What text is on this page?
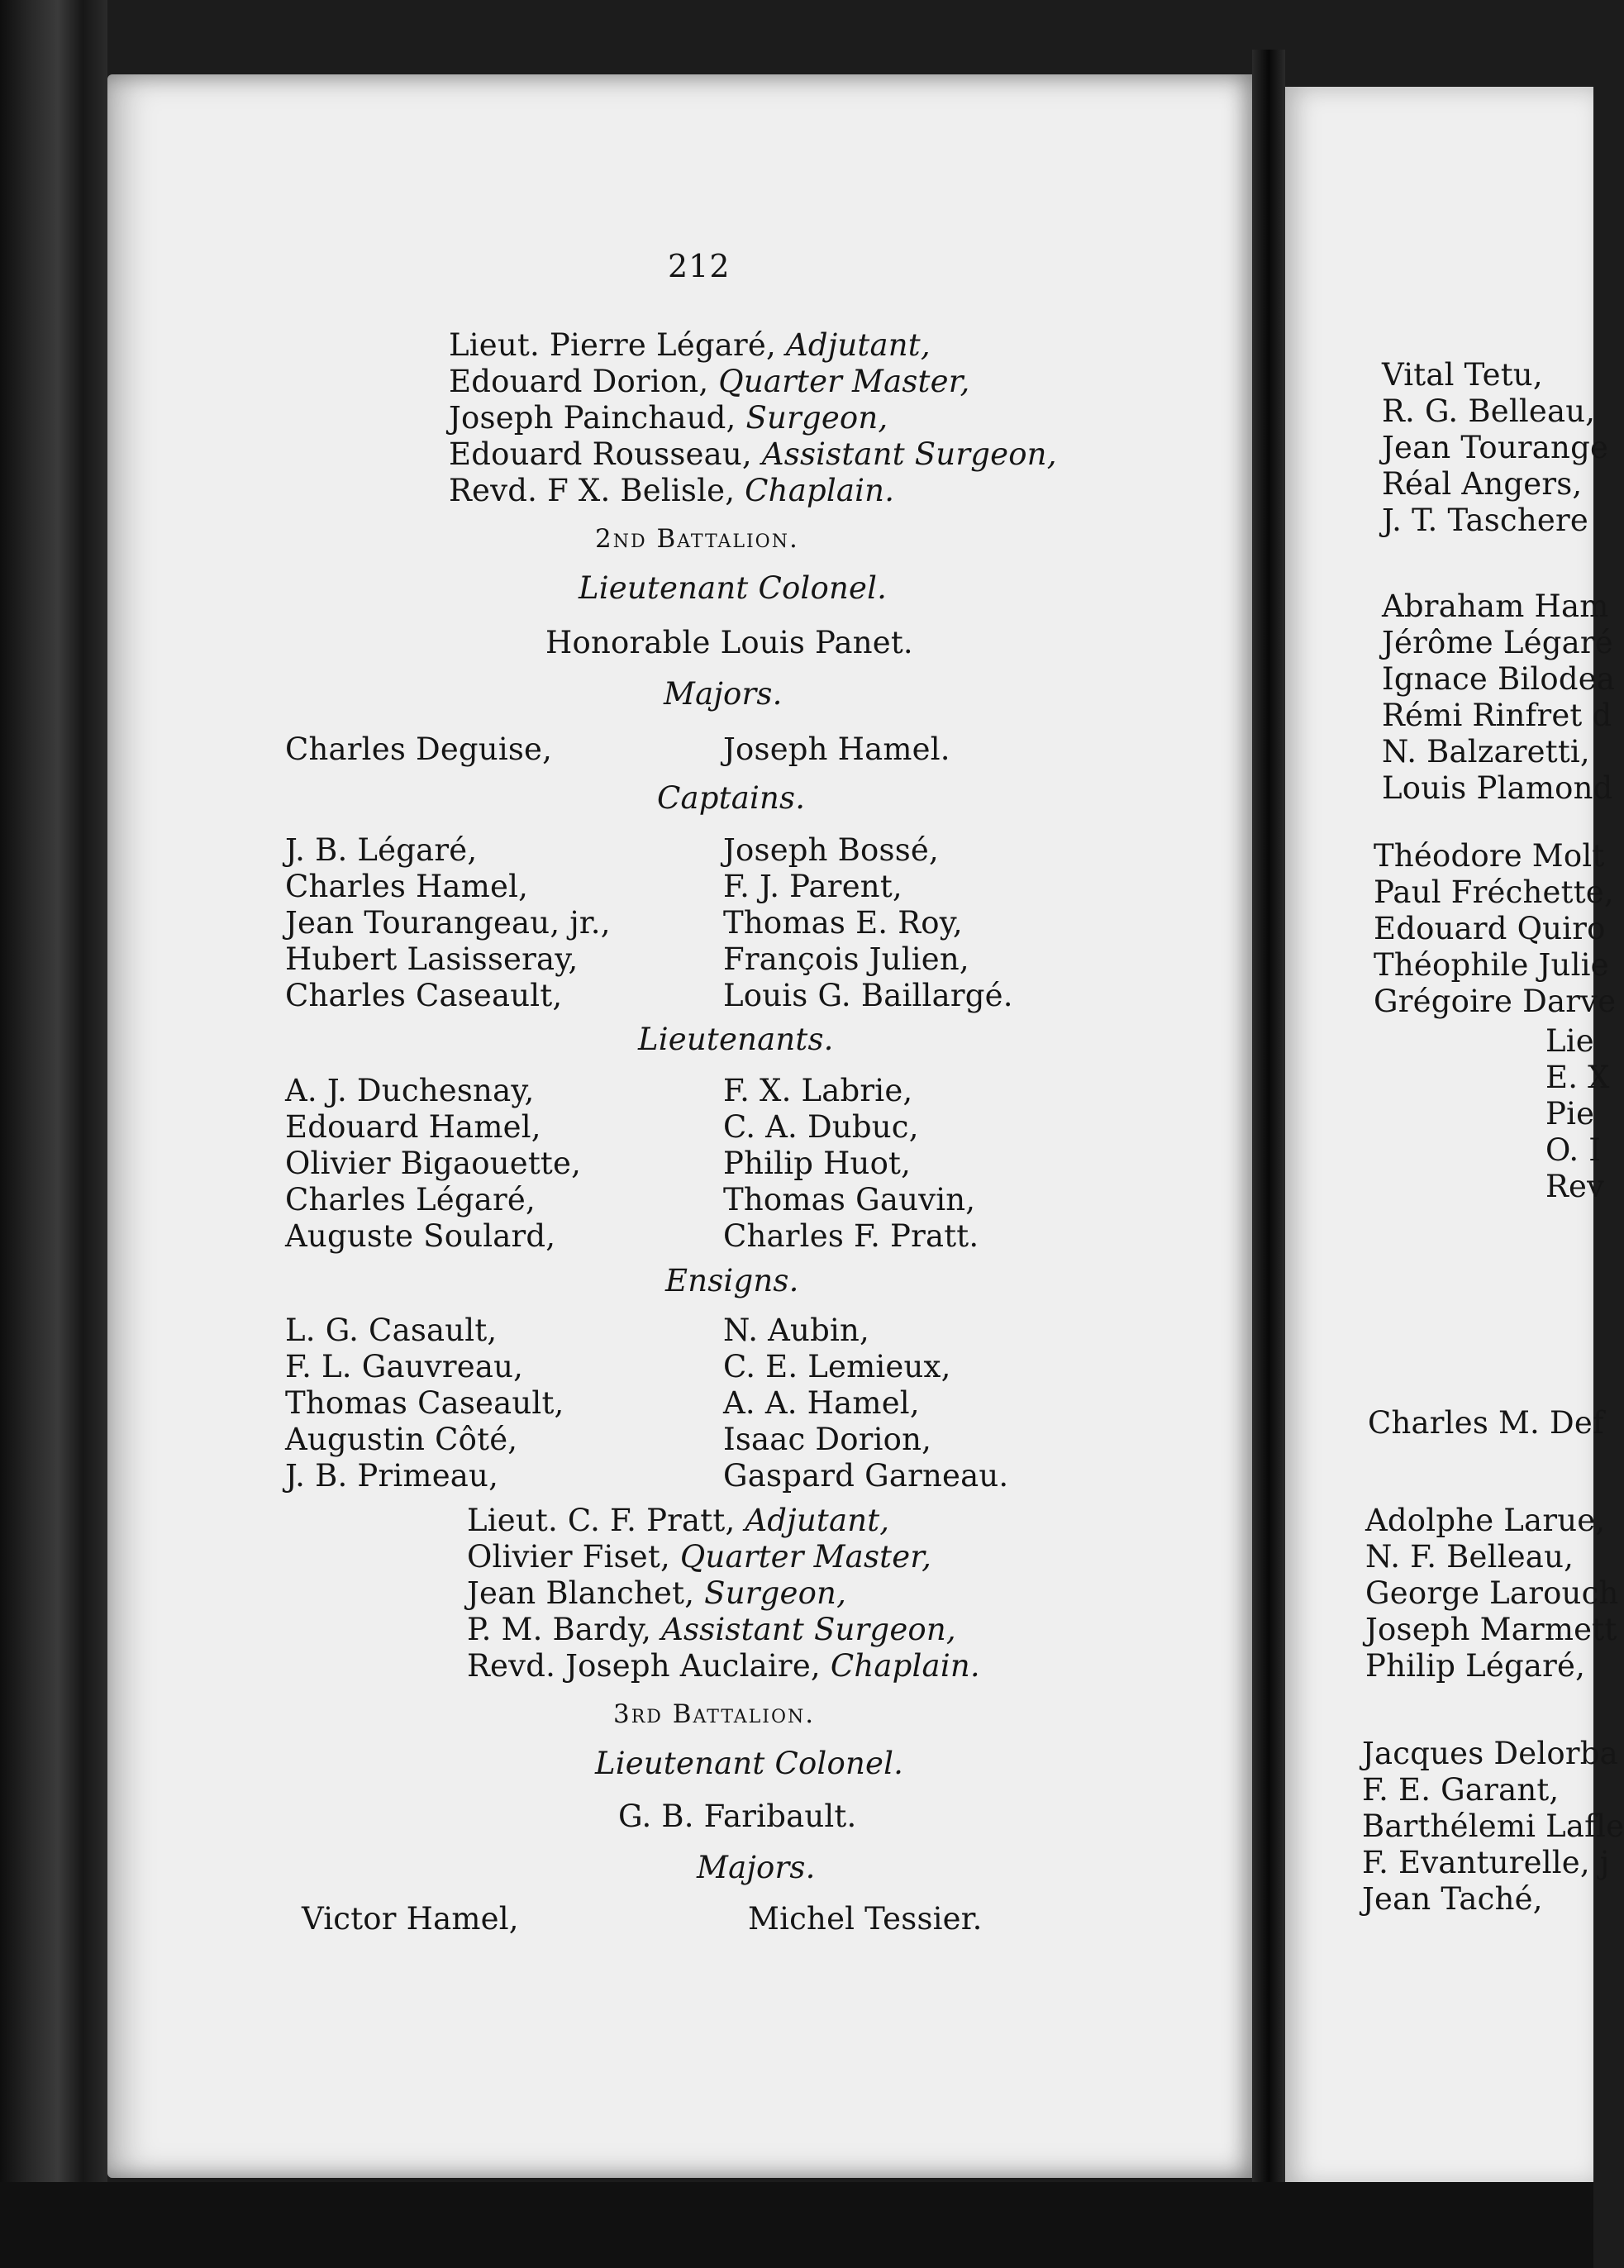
212
Lieut. Pierre Légaré, Adjutant,
Edouard Dorion, Quarter Master,
Joseph Painchaud, Surgeon,
Edouard Rousseau, Assistant Surgeon,
Revd. F X. Belisle, Chaplain.
2nd Battalion.
Lieutenant Colonel.
Honorable Louis Panet.
Majors.
Charles Deguise,	Joseph Hamel.
Captains.
J. B. Légaré,
Charles Hamel,
Jean Tourangeau, jr.,
Hubert Lasisseray,
Charles Caseault,
Joseph Bossé,
F. J. Parent,
Thomas E. Roy,
François Julien,
Louis G. Baillargé.
Lieutenants.
A. J. Duchesnay,
Edouard Hamel,
Olivier Bigaouette,
Charles Légaré,
Auguste Soulard,
F. X. Labrie,
C. A. Dubuc,
Philip Huot,
Thomas Gauvin,
Charles F. Pratt.
Ensigns.
L. G. Casault,
F. L. Gauvreau,
Thomas Caseault,
Augustin Côté,
J. B. Primeau,
N. Aubin,
C. E. Lemieux,
A. A. Hamel,
Isaac Dorion,
Gaspard Garneau.
Lieut. C. F. Pratt, Adjutant,
Olivier Fiset, Quarter Master,
Jean Blanchet, Surgeon,
P. M. Bardy, Assistant Surgeon,
Revd. Joseph Auclaire, Chaplain.
3rd Battalion.
Lieutenant Colonel.
G. B. Faribault.
Majors.
Victor Hamel,	Michel Tessier.
Vital Tetu,
R. G. Belleau,
Jean Tourange
Réal Angers,
J. T. Taschere
Abraham Ham
Jérôme Légaré
Ignace Bilodea
Rémi Rinfret d
N. Balzaretti,
Louis Plamond
Théodore Molt
Paul Fréchette,
Edouard Quiro
Théophile Julie
Grégoire Darve
Lie
E. X
Pie
O. I
Rev
Charles M. Def
Adolphe Larue,
N. F. Belleau,
George Larouch
Joseph Marmett
Philip Légaré,
Jacques Delorba
F. E. Garant,
Barthélemi Lafle
F. Evanturelle, j
Jean Taché,
